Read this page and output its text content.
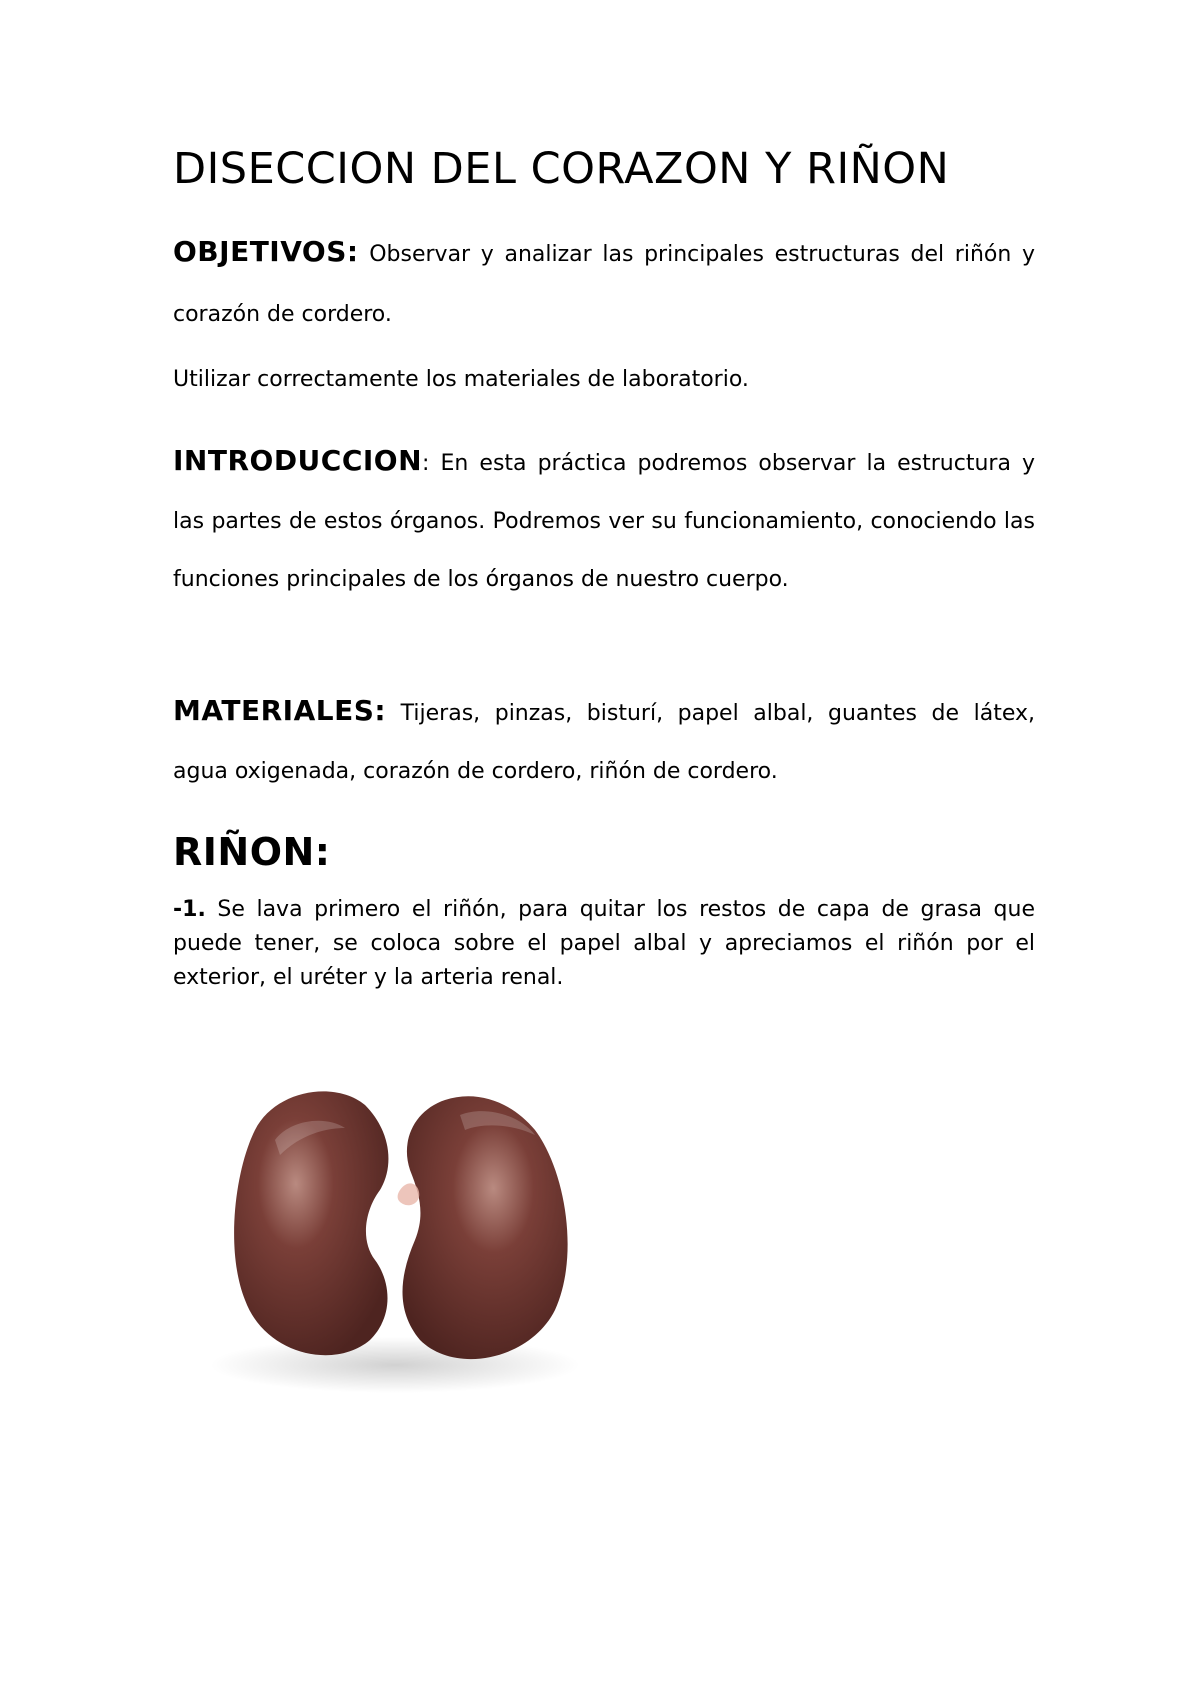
DISECCION DEL CORAZON Y RIÑON

OBJETIVOS: Observar y analizar las principales estructuras del riñón y corazón de cordero.

Utilizar correctamente los materiales de laboratorio.

INTRODUCCION: En esta práctica podremos observar la estructura y las partes de estos órganos. Podremos ver su funcionamiento, conociendo las funciones principales de los órganos de nuestro cuerpo.

MATERIALES: Tijeras, pinzas, bisturí, papel albal, guantes de látex, agua oxigenada, corazón de cordero, riñón de cordero.

RIÑON:

-1. Se lava primero el riñón, para quitar los restos de capa de grasa que puede tener, se coloca sobre el papel albal y apreciamos el riñón por el exterior, el uréter y la arteria renal.
